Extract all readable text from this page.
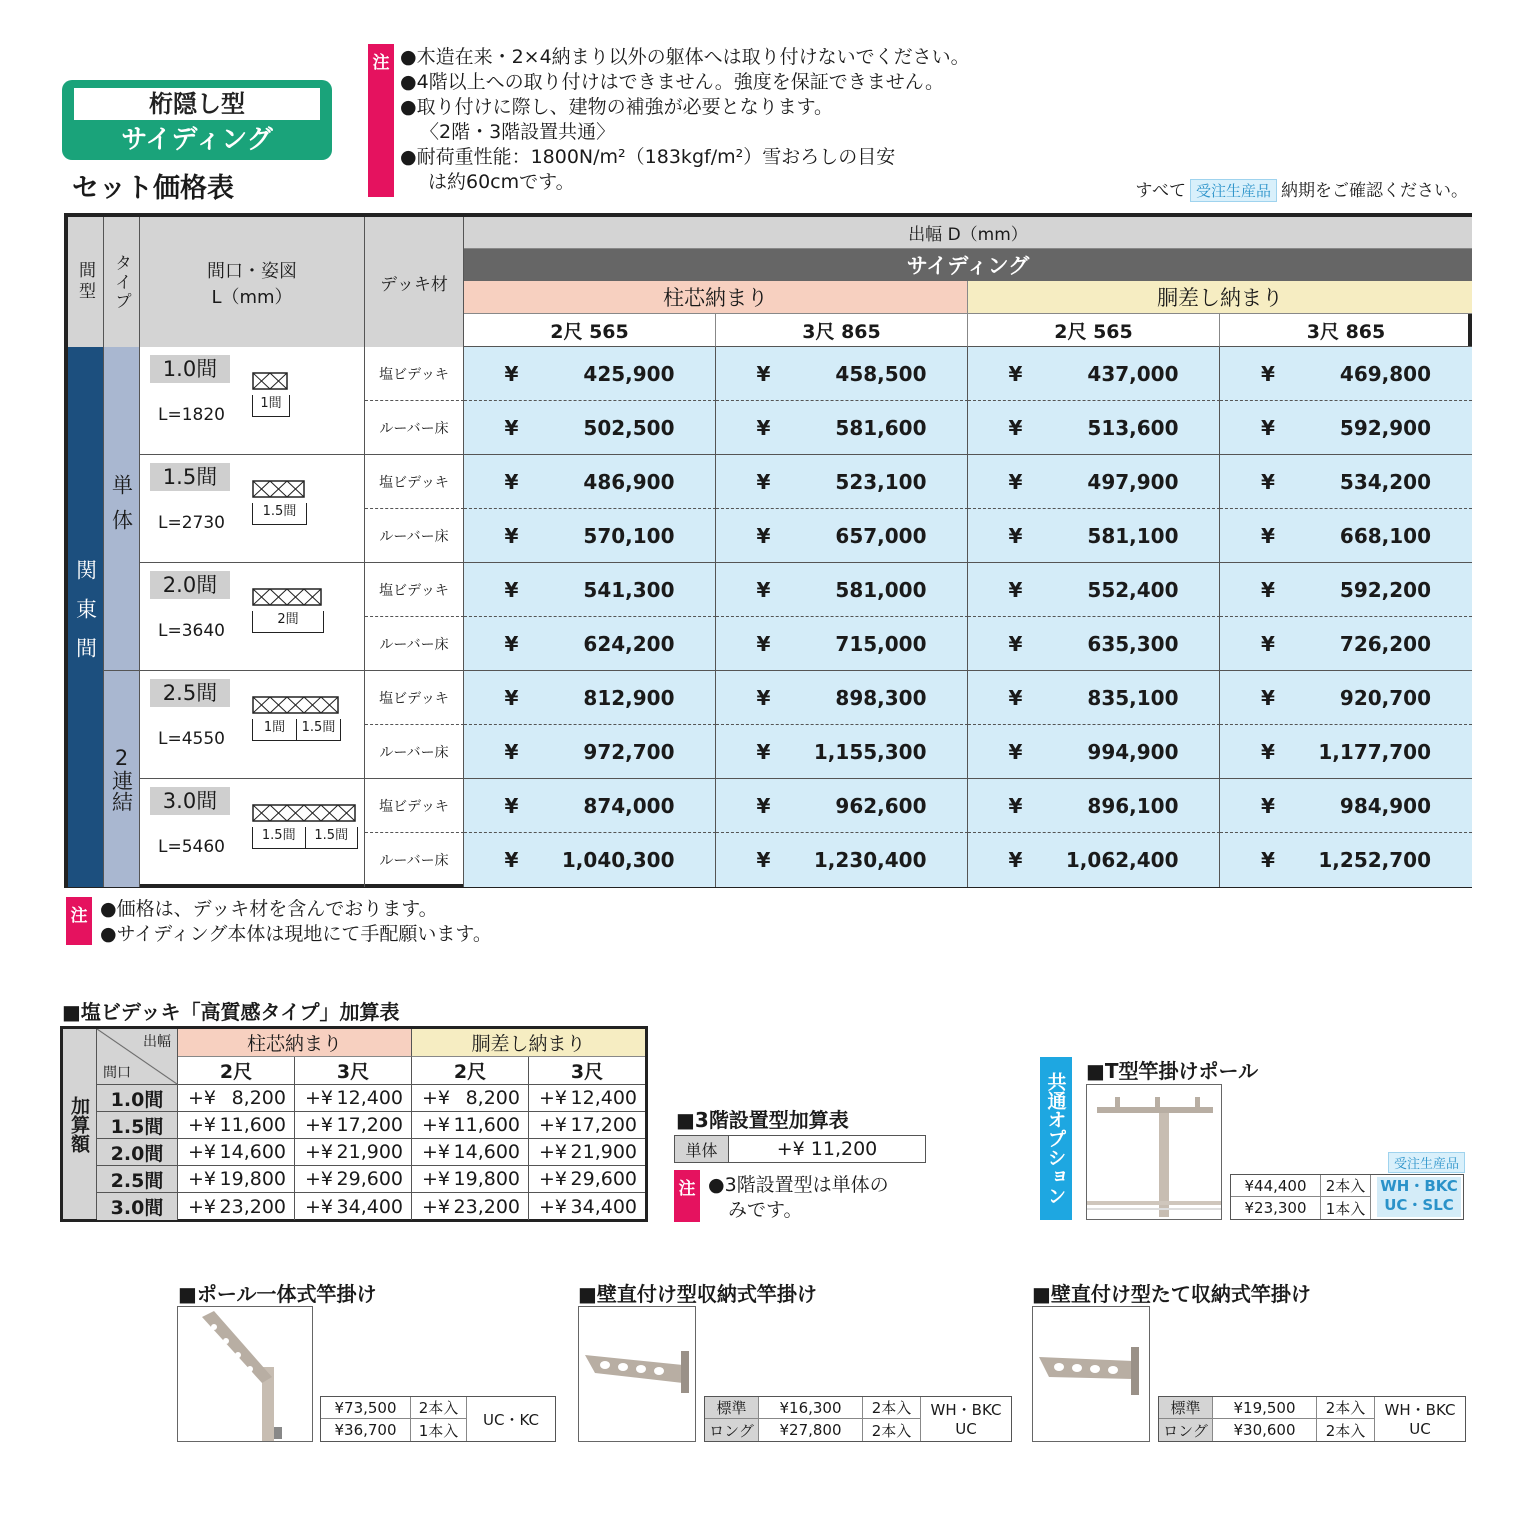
桁隠し型
サイディング
セット価格表
注 ●木造在来・2×4納まり以外の躯体へは取り付けないでください。
●4階以上への取り付けはできません。強度を保証できません。
●取り付けに際し、建物の補強が必要となります。
〈2階・3階設置共通〉
●耐荷重性能：1800N/m²（183kgf/m²）雪おろしの目安
は約60cmです。	すべて 受注生産品 納期をご確認ください。
間型 タイプ	間口・姿図
L（mm）
デッキ材
出幅 D（mm）
サイディング
柱芯納まり	胴差し納まり
2尺 565	3尺 865	2尺 565	3尺 865
関東間
単体
2連結
1.0間
L=1820
1間
塩ビデッキ	¥	425,900	¥	458,500	¥	437,000	¥	469,800
ルーバー床	¥	502,500	¥	581,600	¥	513,600	¥	592,900
1.5間
L=2730
1.5間
塩ビデッキ	¥	486,900	¥	523,100	¥	497,900	¥	534,200
ルーバー床	¥	570,100	¥	657,000	¥	581,100	¥	668,100
2.0間
L=3640
2間
塩ビデッキ	¥	541,300	¥	581,000	¥	552,400	¥	592,200
ルーバー床	¥	624,200	¥	715,000	¥	635,300	¥	726,200
2.5間
L=4550
1間	1.5間
塩ビデッキ	¥	812,900	¥	898,300	¥	835,100	¥	920,700
ルーバー床	¥	972,700	¥	1,155,300	¥	994,900	¥	1,177,700
3.0間
L=5460
1.5間	1.5間
塩ビデッキ	¥	874,000	¥	962,600	¥	896,100	¥	984,900
ルーバー床	¥	1,040,300	¥	1,230,400	¥	1,062,400	¥	1,252,700
注 ●価格は、デッキ材を含んでおります。
●サイディング本体は現地にて手配願います。
■塩ビデッキ「高質感タイプ」加算表
加算額
出幅
間口
柱芯納まり	胴差し納まり
2尺	3尺	2尺	3尺
1.0間	+¥ 8,200 +¥ 12,400 +¥ 8,200 +¥ 12,400
1.5間	+¥ 11,600 +¥ 17,200 +¥ 11,600 +¥ 17,200
2.0間	+¥ 14,600 +¥ 21,900 +¥ 14,600 +¥ 21,900
2.5間	+¥ 19,800 +¥ 29,600 +¥ 19,800 +¥ 29,600
3.0間	+¥ 23,200 +¥ 34,400 +¥ 23,200 +¥ 34,400
■3階設置型加算表
単体	+¥ 11,200
注 ●3階設置型は単体の
みです。
共通オプション
■T型竿掛けポール
受注生産品
¥44,400	2本入
¥23,300	1本入
WH・BKC
UC・SLC
■ポール一体式竿掛け
¥73,500	2本入
¥36,700	1本入
UC・KC
■壁直付け型収納式竿掛け
標準	¥16,300	2本入
ロング	¥27,800	2本入
WH・BKC
UC
■壁直付け型たて収納式竿掛け
標準	¥19,500	2本入
ロング	¥30,600	2本入
WH・BKC
UC
